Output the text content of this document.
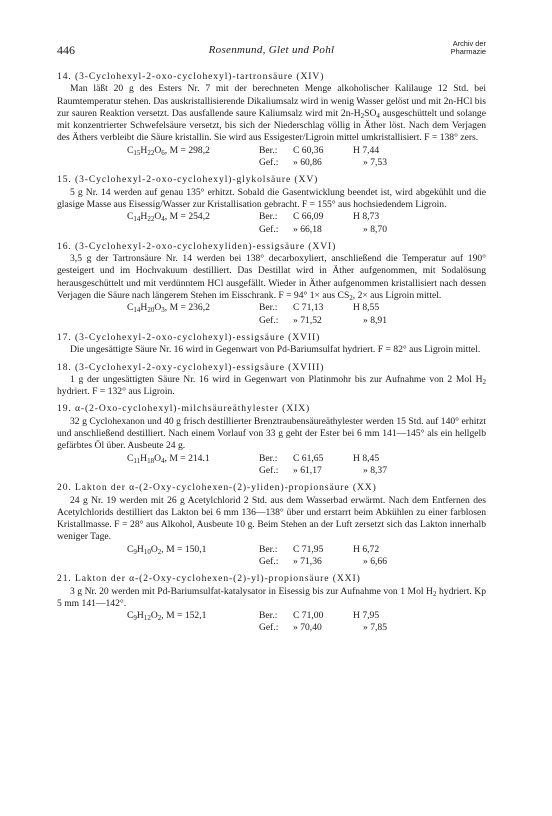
446	Rosenmund, Glet und Pohl
Archiv der
Pharmazie
14. (3-Cyclohexyl-2-oxo-cyclohexyl)-tartronsäure (XIV)

Man läßt 20 g des Esters Nr. 7 mit der berechneten Menge alkoholischer Kalilauge 12 Std. bei Raumtemperatur stehen. Das auskristallisierende Dikaliumsalz wird in wenig Wasser gelöst und mit 2n-HCl bis zur sauren Reaktion versetzt. Das ausfallende saure Kaliumsalz wird mit $2n-H_2SO_4$ ausgeschüttelt und solange mit konzentrierter Schwefelsäure versetzt, bis sich der Niederschlag völlig in Äther löst. Nach dem Verjagen des Äthers verbleibt die Säure kristallin. Sie wird aus Essigester/Ligroin mittel umkristallisiert. F = 138° zers.

$C_{15}H_{22}O_6$, M = 298,2	Ber.:	C 60,36	H 7,44
Gef.:	» 60,86	» 7,53
15. (3-Cyclohexyl-2-oxo-cyclohexyl)-glykolsäure (XV)

5 g Nr. 14 werden auf genau 135° erhitzt. Sobald die Gasentwicklung beendet ist, wird abgekühlt und die glasige Masse aus Eisessig/Wasser zur Kristallisation gebracht. F = 155° aus hochsiedendem Ligroin.

$C_{14}H_{22}O_4$, M = 254,2	Ber.:	C 66,09	H 8,73
Gef.:	» 66,18	» 8,70
16. (3-Cyclohexyl-2-oxo-cyclohexyliden)-essigsäure (XVI)

3,5 g der Tartronsäure Nr. 14 werden bei 138° decarboxyliert, anschließend die Temperatur auf 190° gesteigert und im Hochvakuum destilliert. Das Destillat wird in Äther aufgenommen, mit Sodalösung herausgeschüttelt und mit verdünntem HCl ausgefällt. Wieder in Äther aufgenommen kristallisiert nach dessen Verjagen die Säure nach längerem Stehen im Eisschrank. F = 94° 1× aus $CS_2$, 2× aus Ligroin mittel.

$C_{14}H_{20}O_3$, M = 236,2	Ber.:	C 71,13	H 8,55
Gef.:	» 71,52	» 8,91
17. (3-Cyclohexyl-2-oxo-cyclohexyl)-essigsäure (XVII)

Die ungesättigte Säure Nr. 16 wird in Gegenwart von Pd-Bariumsulfat hydriert. F = 82° aus Ligroin mittel.

18. (3-Cyclohexyl-2-oxy-cyclohexyl)-essigsäure (XVIII)

1 g der ungesättigten Säure Nr. 16 wird in Gegenwart von Platinmohr bis zur Aufnahme von 2 Mol $H_2$ hydriert. F = 132° aus Ligroin.

19. α-(2-Oxo-cyclohexyl)-milchsäureäthylester (XIX)

32 g Cyclohexanon und 40 g frisch destillierter Brenztraubensäureäthylester werden 15 Std. auf 140° erhitzt und anschließend destilliert. Nach einem Vorlauf von 33 g geht der Ester bei 6 mm 141—145° als ein hellgelb gefärbtes Öl über. Ausbeute 24 g.

$C_{11}H_{18}O_4$, M = 214.1	Ber.:	C 61,65	H 8,45
Gef.:	» 61,17	» 8,37
20. Lakton der α-(2-Oxy-cyclohexen-(2)-yliden)-propionsäure (XX)

24 g Nr. 19 werden mit 26 g Acetylchlorid 2 Std. aus dem Wasserbad erwärmt. Nach dem Entfernen des Acetylchlorids destilliert das Lakton bei 6 mm 136—138° über und erstarrt beim Abkühlen zu einer farblosen Kristallmasse. F = 28° aus Alkohol, Ausbeute 10 g. Beim Stehen an der Luft zersetzt sich das Lakton innerhalb weniger Tage.

$C_9H_{10}O_2$, M = 150,1	Ber.:	C 71,95	H 6,72
Gef.:	» 71,36	» 6,66
21. Lakton der α-(2-Oxy-cyclohexen-(2)-yl)-propionsäure (XXI)

3 g Nr. 20 werden mit Pd-Bariumsulfat-katalysator in Eisessig bis zur Aufnahme von 1 Mol $H_2$ hydriert. Kp 5 mm 141—142°.

$C_9H_{12}O_2$, M = 152,1	Ber.:	C 71,00	H 7,95
Gef.:	» 70,40	» 7,85
